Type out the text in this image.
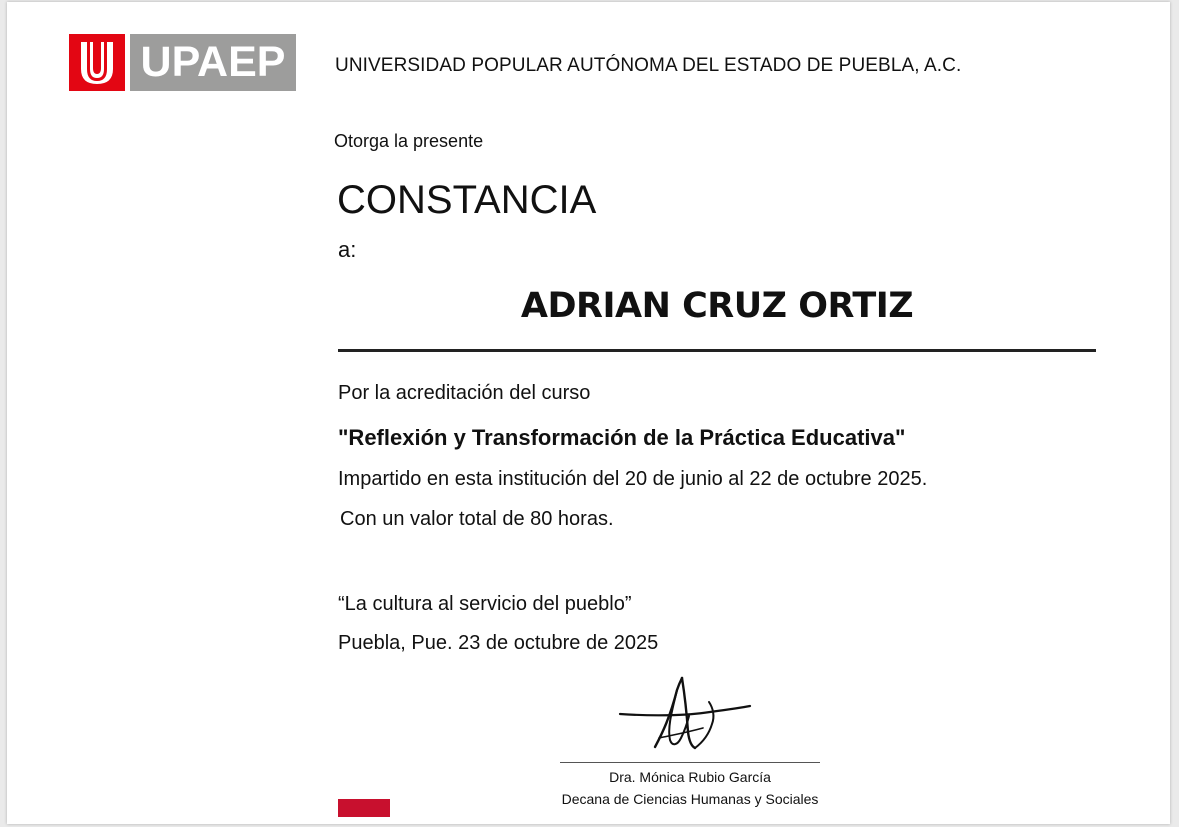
UPAEP	UNIVERSIDAD POPULAR AUTÓNOMA DEL ESTADO DE PUEBLA, A.C.
Otorga la presente
CONSTANCIA
a:
ADRIAN CRUZ ORTIZ
Por la acreditación del curso
"Reflexión y Transformación de la Práctica Educativa"
Impartido en esta institución del 20 de junio al 22 de octubre 2025.
Con un valor total de 80 horas.
“La cultura al servicio del pueblo”
Puebla, Pue. 23 de octubre de 2025
Dra. Mónica Rubio García
Decana de Ciencias Humanas y Sociales
